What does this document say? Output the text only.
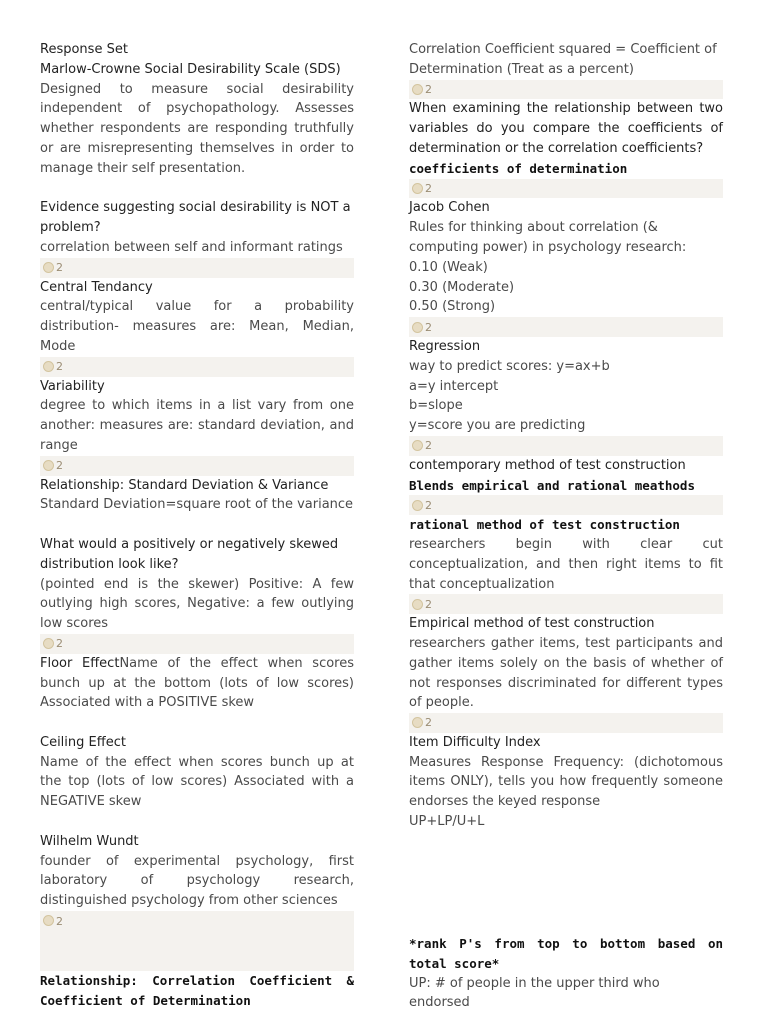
Response Set

Marlow-Crowne Social Desirability Scale (SDS)

Designed to measure social desirability independent of psychopathology. Assesses whether respondents are responding truthfully or are misrepresenting themselves in order to manage their self presentation.

Evidence suggesting social desirability is NOT a problem?

correlation between self and informant ratings

2

Central Tendancy

central/typical value for a probability distribution- measures are: Mean, Median, Mode

2

Variability

degree to which items in a list vary from one another: measures are: standard deviation, and range

2

Relationship: Standard Deviation & Variance

Standard Deviation=square root of the variance

What would a positively or negatively skewed distribution look like?

(pointed end is the skewer) Positive: A few outlying high scores, Negative: a few outlying low scores

2

Floor EffectName of the effect when scores bunch up at the bottom (lots of low scores) Associated with a POSITIVE skew

Ceiling Effect

Name of the effect when scores bunch up at the top (lots of low scores) Associated with a NEGATIVE skew

Wilhelm Wundt

founder of experimental psychology, first laboratory of psychology research, distinguished psychology from other sciences

2

Relationship: Correlation Coefficient & Coefficient of Determination

Correlation Coefficient squared = Coefficient of Determination (Treat as a percent)

2

When examining the relationship between two variables do you compare the coefficients of determination or the correlation coefficients?

coefficients of determination

2

Jacob Cohen

Rules for thinking about correlation (& computing power) in psychology research:

0.10 (Weak)

0.30 (Moderate)

0.50 (Strong)

2

Regression

way to predict scores: y=ax+b

a=y intercept

b=slope

y=score you are predicting

2

contemporary method of test construction

Blends empirical and rational meathods

2

rational method of test construction

researchers begin with clear cut conceptualization, and then right items to fit that conceptualization

2

Empirical method of test construction

researchers gather items, test participants and gather items solely on the basis of whether of not responses discriminated for different types of people.

2

Item Difficulty Index

Measures Response Frequency: (dichotomous items ONLY), tells you how frequently someone endorses the keyed response

UP+LP/U+L

*rank P's from top to bottom based on total score*

UP: # of people in the upper third who endorsed
